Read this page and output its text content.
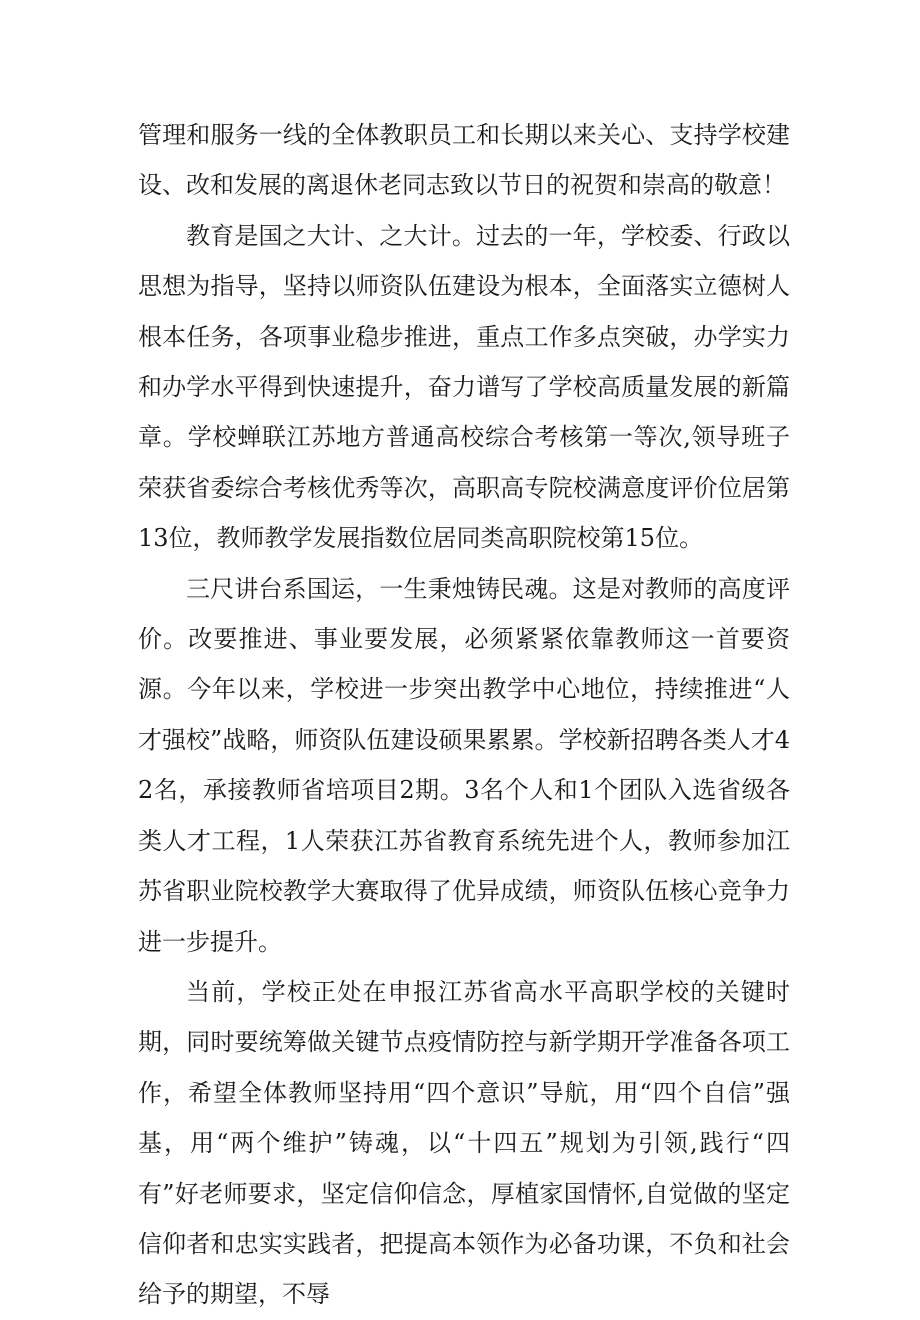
管理和服务一线的全体教职员工和长期以来关心、支持学校建设、改和发展的离退休老同志致以节日的祝贺和崇高的敬意！

教育是国之大计、之大计。过去的一年，学校委、行政以思想为指导，坚持以师资队伍建设为根本，全面落实立德树人根本任务，各项事业稳步推进，重点工作多点突破，办学实力和办学水平得到快速提升，奋力谱写了学校高质量发展的新篇章。学校蝉联江苏地方普通高校综合考核第一等次,领导班子荣获省委综合考核优秀等次，高职高专院校满意度评价位居第13位，教师教学发展指数位居同类高职院校第15位。

三尺讲台系国运，一生秉烛铸民魂。这是对教师的高度评价。改要推进、事业要发展，必须紧紧依靠教师这一首要资源。今年以来，学校进一步突出教学中心地位，持续推进“人才强校”战略，师资队伍建设硕果累累。学校新招聘各类人才42名，承接教师省培项目2期。3名个人和1个团队入选省级各类人才工程，1人荣获江苏省教育系统先进个人，教师参加江苏省职业院校教学大赛取得了优异成绩，师资队伍核心竞争力进一步提升。

当前，学校正处在申报江苏省高水平高职学校的关键时期，同时要统筹做关键节点疫情防控与新学期开学准备各项工作，希望全体教师坚持用“四个意识”导航，用“四个自信”强基，用“两个维护”铸魂，以“十四五”规划为引领,践行“四有”好老师要求，坚定信仰信念，厚植家国情怀,自觉做的坚定信仰者和忠实实践者，把提高本领作为必备功课，不负和社会给予的期望，不辱
